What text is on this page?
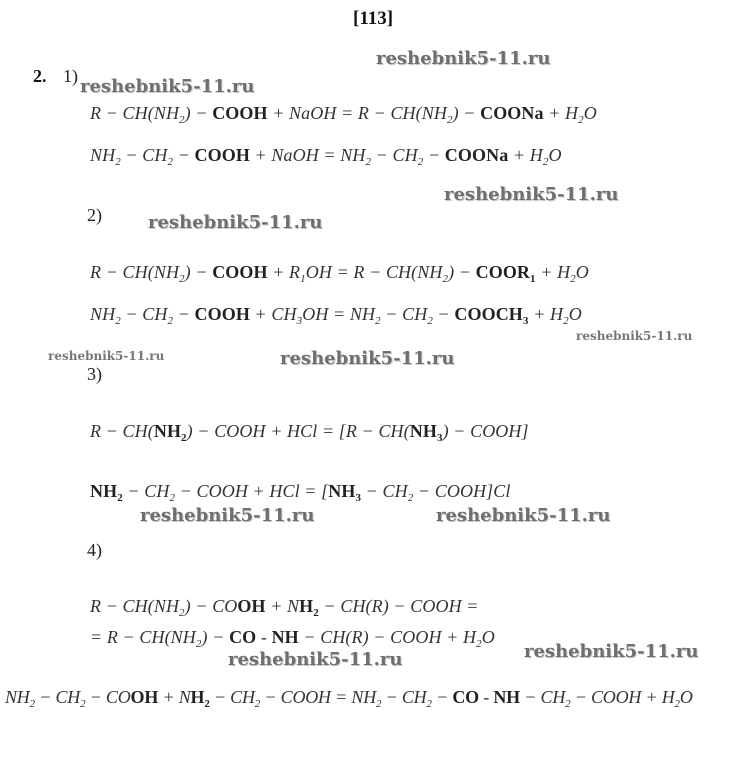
[113]
2. 1)
2)
3)
4)
$R - CH(NH_2)$ − COOH + NaOH = $R - CH(NH_2)$ − COONa + $H_2O$
$NH_2 - CH_2$ − COOH + NaOH = $NH_2 - CH_2$ − COONa + $H_2O$
$R - CH(NH_2)$ − COOH + $R_1OH = R - CH(NH_2)$ − $COOR_1 + H_2O$
$NH_2 - CH_2$ − COOH + $CH_3OH = NH_2 - CH_2$ − $COOCH_3 + H_2O$
$R - CH(NH_2)$ − COOH + HCl = [$R - CH(NH_3)$ − COOH]
$NH_2 - CH_2$ − COOH + HCl = [$NH_3 - CH_2$ − COOH]Cl
$R - CH(NH_2)$ − COOH + $NH_2 - CH(R)$ − COOH =
= $R - CH(NH_2)$ − CO - NH − CH(R) − COOH + $H_2O$
$NH_2 - CH_2$ − COOH + $NH_2 - CH_2$ − COOH = $NH_2 - CH_2$ − CO - NH − $CH_2$ − COOH + $H_2O$
reshebnik5-11.ru
reshebnik5-11.ru
reshebnik5-11.ru
reshebnik5-11.ru
reshebnik5-11.ru
reshebnik5-11.ru	reshebnik5-11.ru
reshebnik5-11.ru	reshebnik5-11.ru
reshebnik5-11.ru
reshebnik5-11.ru
